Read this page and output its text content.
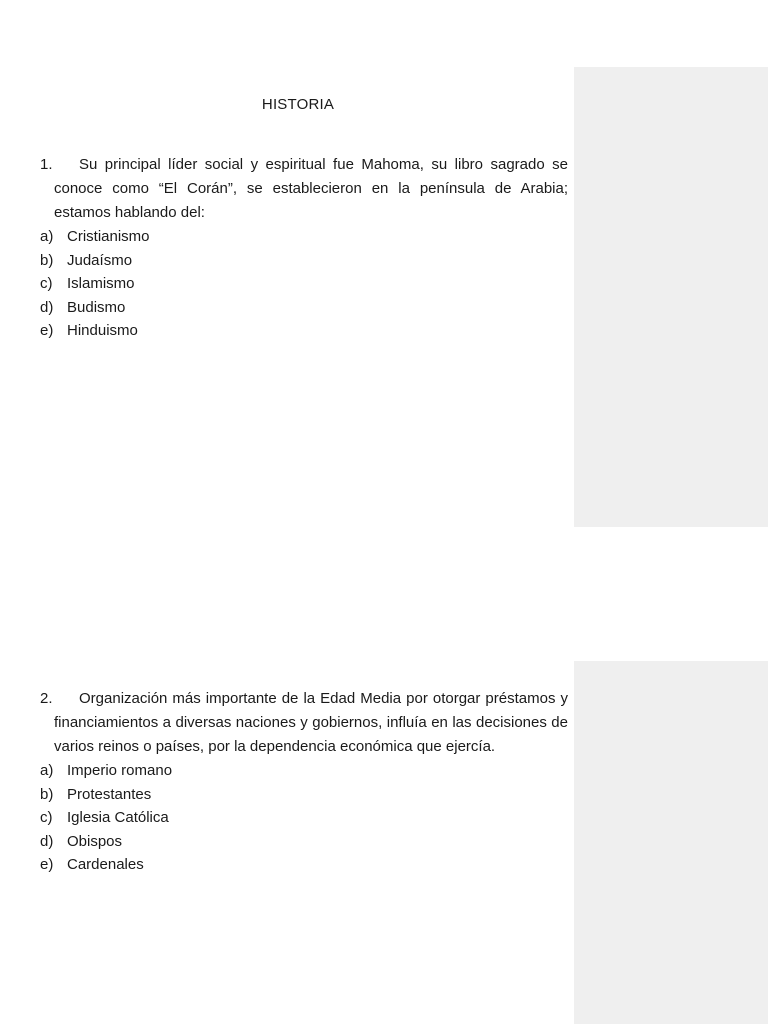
HISTORIA
1.	Su principal líder social y espiritual fue Mahoma, su libro sagrado se conoce como “El Corán”, se establecieron en la península de Arabia; estamos hablando del:
a) Cristianismo
b) Judaísmo
c) Islamismo
d) Budismo
e) Hinduismo
2.	Organización más importante de la Edad Media por otorgar préstamos y financiamientos a diversas naciones y gobiernos, influía en las decisiones de varios reinos o países, por la dependencia económica que ejercía.
a) Imperio romano
b) Protestantes
c) Iglesia Católica
d) Obispos
e) Cardenales
